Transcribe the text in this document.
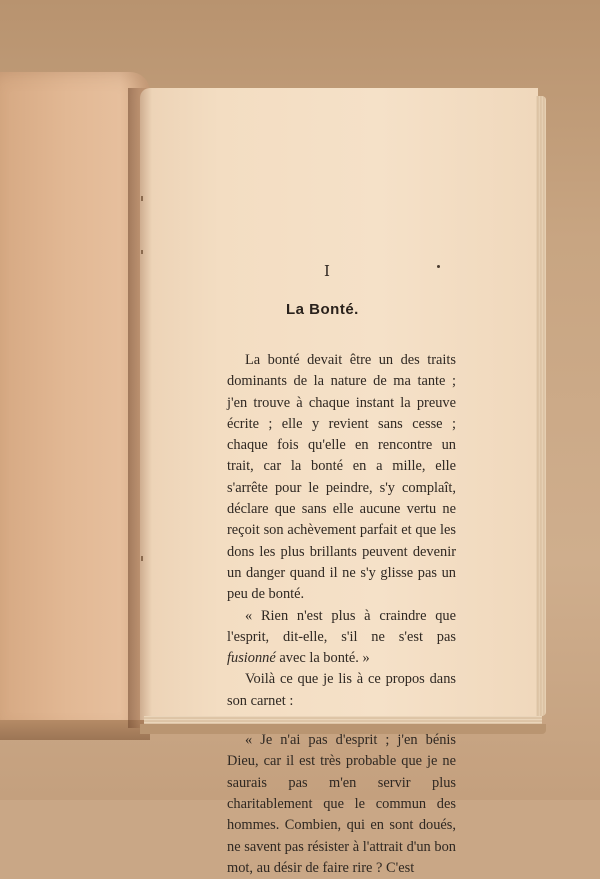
I
La Bonté.

La bonté devait être un des traits dominants de la nature de ma tante ; j'en trouve à chaque instant la preuve écrite ; elle y revient sans cesse ; chaque fois qu'elle en rencontre un trait, car la bonté en a mille, elle s'arrête pour le peindre, s'y complaît, déclare que sans elle aucune vertu ne reçoit son achèvement parfait et que les dons les plus brillants peuvent devenir un danger quand il ne s'y glisse pas un peu de bonté.

« Rien n'est plus à craindre que l'esprit, dit-elle, s'il ne s'est pas fusionné avec la bonté. »

Voilà ce que je lis à ce propos dans son carnet :

« Je n'ai pas d'esprit ; j'en bénis Dieu, car il est très probable que je ne saurais pas m'en servir plus charitablement que le commun des hommes. Combien, qui en sont doués, ne savent pas résister à l'attrait d'un bon mot, au désir de faire rire ? C'est
